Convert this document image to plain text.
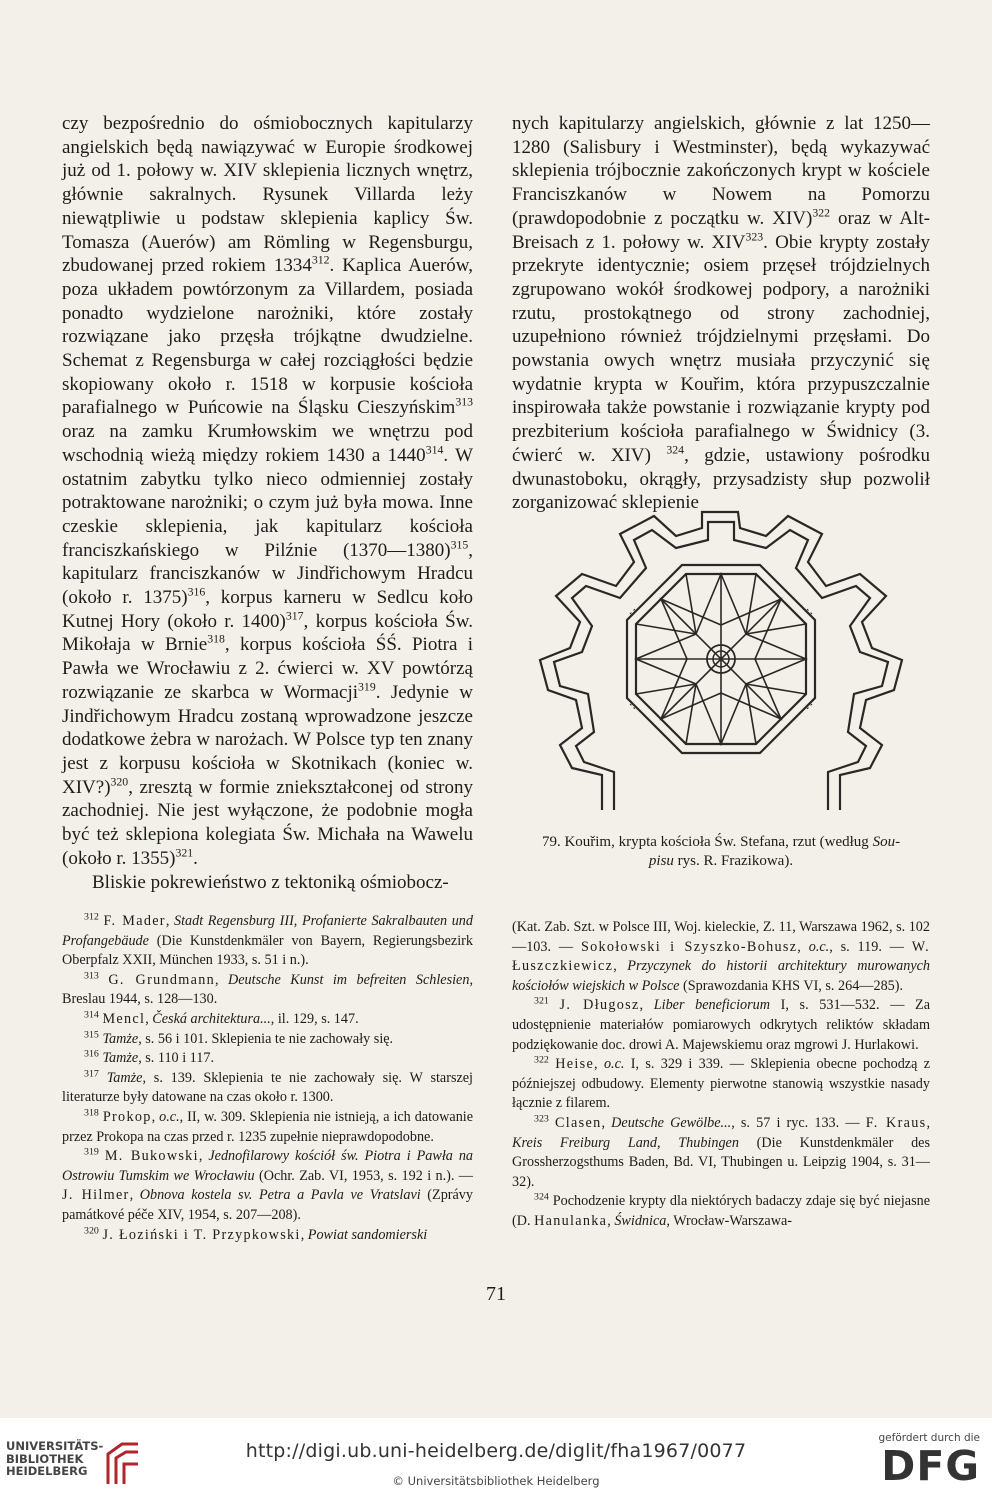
czy bezpośrednio do ośmiobocznych kapitularzy angielskich będą nawiązywać w Europie środkowej już od 1. połowy w. XIV sklepienia licznych wnętrz, głównie sakralnych. Rysunek Villarda leży niewątpliwie u podstaw sklepienia kaplicy Św. Tomasza (Auerów) am Römling w Regensburgu, zbudowanej przed rokiem 1334$^{312}$. Kaplica Auerów, poza układem powtórzonym za Villardem, posiada ponadto wydzielone narożniki, które zostały rozwiązane jako przęsła trójkątne dwudzielne. Schemat z Regensburga w całej rozciągłości będzie skopiowany około r. 1518 w korpusie kościoła parafialnego w Puńcowie na Śląsku Cieszyńskim$^{313}$ oraz na zamku Krumłowskim we wnętrzu pod wschodnią wieżą między rokiem 1430 a 1440$^{314}$. W ostatnim zabytku tylko nieco odmienniej zostały potraktowane narożniki; o czym już była mowa. Inne czeskie sklepienia, jak kapitularz kościoła franciszkańskiego w Pilźnie (1370—1380)$^{315}$, kapitularz franciszkanów w Jindřichowym Hradcu (około r. 1375)$^{316}$, korpus karneru w Sedlcu koło Kutnej Hory (około r. 1400)$^{317}$, korpus kościoła Św. Mikołaja w Brnie$^{318}$, korpus kościoła ŚŚ. Piotra i Pawła we Wrocławiu z 2. ćwierci w. XV powtórzą rozwiązanie ze skarbca w Wormacji$^{319}$. Jedynie w Jindřichowym Hradcu zostaną wprowadzone jeszcze dodatkowe żebra w narożach. W Polsce typ ten znany jest z korpusu kościoła w Skotnikach (koniec w. XIV?)$^{320}$, zresztą w formie zniekształconej od strony zachodniej. Nie jest wyłączone, że podobnie mogła być też sklepiona kolegiata Św. Michała na Wawelu (około r. 1355)$^{321}$.

Bliskie pokrewieństwo z tektoniką ośmiobocz-

nych kapitularzy angielskich, głównie z lat 1250—1280 (Salisbury i Westminster), będą wykazywać sklepienia trójbocznie zakończonych krypt w kościele Franciszkanów w Nowem na Pomorzu (prawdopodobnie z początku w. XIV)$^{322}$ oraz w Alt-Breisach z 1. połowy w. XIV$^{323}$. Obie krypty zostały przekryte identycznie; osiem przęseł trójdzielnych zgrupowano wokół środkowej podpory, a narożniki rzutu, prostokątnego od strony zachodniej, uzupełniono również trójdzielnymi przęsłami. Do powstania owych wnętrz musiała przyczynić się wydatnie krypta w Kouřim, która przypuszczalnie inspirowała także powstanie i rozwiązanie krypty pod prezbiterium kościoła parafialnego w Świdnicy (3. ćwierć w. XIV) $^{324}$, gdzie, ustawiony pośrodku dwunastoboku, okrągły, przysadzisty słup pozwolił zorganizować sklepienie

79. Kouřim, krypta kościoła Św. Stefana, rzut (według Sou-
pisu rys. R. Frazikowa).

$^{312}$ F. Mader, Stadt Regensburg III, Profanierte Sakralbauten und Profangebäude (Die Kunstdenkmäler von Bayern, Regierungsbezirk Oberpfalz XXII, München 1933, s. 51 i n.).

$^{313}$ G. Grundmann, Deutsche Kunst im befreiten Schlesien, Breslau 1944, s. 128—130.

$^{314}$ Mencl, Česká architektura..., il. 129, s. 147.

$^{315}$ Tamże, s. 56 i 101. Sklepienia te nie zachowały się.

$^{316}$ Tamże, s. 110 i 117.

$^{317}$ Tamże, s. 139. Sklepienia te nie zachowały się. W starszej literaturze były datowane na czas około r. 1300.

$^{318}$ Prokop, o.c., II, w. 309. Sklepienia nie istnieją, a ich datowanie przez Prokopa na czas przed r. 1235 zupełnie nieprawdopodobne.

$^{319}$ M. Bukowski, Jednofilarowy kościół św. Piotra i Pawła na Ostrowiu Tumskim we Wrocławiu (Ochr. Zab. VI, 1953, s. 192 i n.). — J. Hilmer, Obnova kostela sv. Petra a Pavla ve Vratslavi (Zprávy památkové péče XIV, 1954, s. 207—208).

$^{320}$ J. Łoziński i T. Przypkowski, Powiat sandomierski

(Kat. Zab. Szt. w Polsce III, Woj. kieleckie, Z. 11, Warszawa 1962, s. 102—103. — Sokołowski i Szyszko-Bohusz, o.c., s. 119. — W. Łuszczkiewicz, Przyczynek do historii architektury murowanych kościołów wiejskich w Polsce (Sprawozdania KHS VI, s. 264—285).

$^{321}$ J. Długosz, Liber beneficiorum I, s. 531—532. — Za udostępnienie materiałów pomiarowych odkrytych reliktów składam podziękowanie doc. drowi A. Majewskiemu oraz mgrowi J. Hurlakowi.

$^{322}$ Heise, o.c. I, s. 329 i 339. — Sklepienia obecne pochodzą z późniejszej odbudowy. Elementy pierwotne stanowią wszystkie nasady łącznie z filarem.

$^{323}$ Clasen, Deutsche Gewölbe..., s. 57 i ryc. 133. — F. Kraus, Kreis Freiburg Land, Thubingen (Die Kunstdenkmäler des Grossherzogsthums Baden, Bd. VI, Thubingen u. Leipzig 1904, s. 31—32).

$^{324}$ Pochodzenie krypty dla niektórych badaczy zdaje się być niejasne (D. Hanulanka, Świdnica, Wrocław-Warszawa-

71
UNIVERSITÄTS-
BIBLIOTHEK
HEIDELBERG
http://digi.ub.uni-heidelberg.de/diglit/fha1967/0077
© Universitätsbibliothek Heidelberg
gefördert durch die
DFG
